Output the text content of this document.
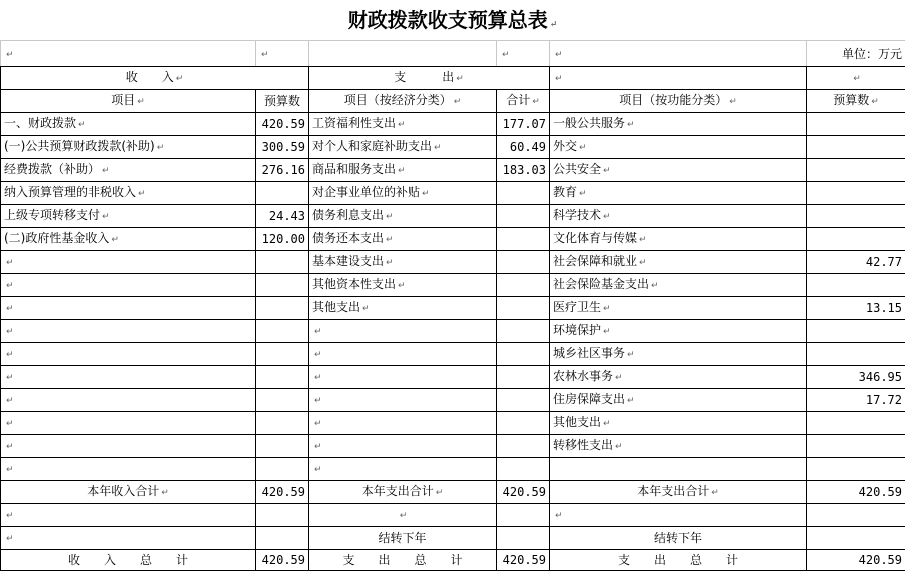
财政拨款收支预算总表 ↵
↵	↵		↵	↵	单位：万元
收　　入 ↵		支　　　出 ↵		↵	↵
项目 ↵	预算数	项目（按经济分类） ↵	合计 ↵	项目（按功能分类） ↵	预算数 ↵
一、财政拨款 ↵	420.59	工资福利性支出 ↵	177.07	一般公共服务 ↵	
(一)公共预算财政拨款(补助) ↵	300.59	对个人和家庭补助支出 ↵	60.49	外交 ↵	
经费拨款（补助） ↵	276.16	商品和服务支出 ↵	183.03	公共安全 ↵	
纳入预算管理的非税收入 ↵		对企事业单位的补贴 ↵		教育 ↵	
上级专项转移支付 ↵	24.43	债务利息支出 ↵		科学技术 ↵	
(二)政府性基金收入 ↵	120.00	债务还本支出 ↵		文化体育与传媒 ↵	
↵		基本建设支出 ↵		社会保障和就业 ↵	42.77
↵		其他资本性支出 ↵		社会保险基金支出 ↵	
↵		其他支出 ↵		医疗卫生 ↵	13.15
↵		↵		环境保护 ↵	
↵		↵		城乡社区事务 ↵	
↵		↵		农林水事务 ↵	346.95
↵		↵		住房保障支出 ↵	17.72
↵		↵		其他支出 ↵	
↵		↵		转移性支出 ↵	
↵		↵			
本年收入合计 ↵	420.59	本年支出合计 ↵	420.59	本年支出合计 ↵	420.59
↵		↵		↵	
↵		结转下年		结转下年	
收　　入　　总　　计	420.59	支　　出　　总　　计	420.59	支　　出　　总　　计	420.59
